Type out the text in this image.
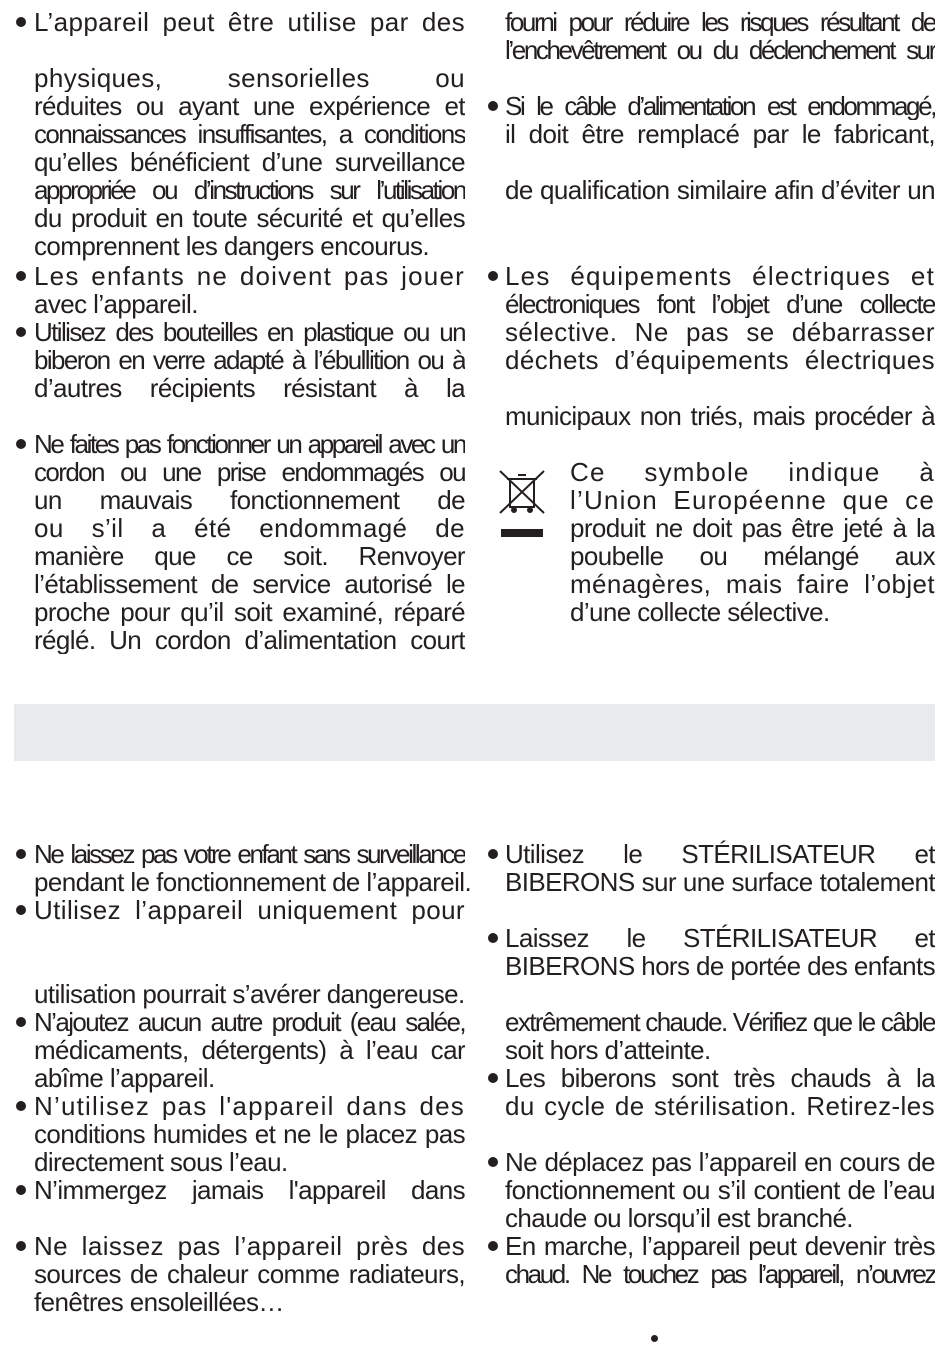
L’appareil peut être utilise par des

physiques, sensorielles ou

réduites ou ayant une expérience et

connaissances insuffisantes, a conditions

qu’elles bénéficient d’une surveillance

appropriée ou d’instructions sur l’utilisation

du produit en toute sécurité et qu’elles

comprennent les dangers encourus.

Les enfants ne doivent pas jouer

avec l’appareil.

Utilisez des bouteilles en plastique ou un

biberon en verre adapté à l’ébullition ou à

d’autres récipients résistant à la

Ne faites pas fonctionner un appareil avec un

cordon ou une prise endommagés ou

un mauvais fonctionnement de

ou s’il a été endommagé de

manière que ce soit. Renvoyer

l’établissement de service autorisé le

proche pour qu’il soit examiné, réparé

réglé. Un cordon d’alimentation court

fourni pour réduire les risques résultant de

l’enchevêtrement ou du déclenchement sur

Si le câble d’alimentation est endommagé,

il doit être remplacé par le fabricant,

de qualification similaire afin d’éviter un

Les équipements électriques et

électroniques font l’objet d’une collecte

sélective. Ne pas se débarrasser

déchets d’équipements électriques

municipaux non triés, mais procéder à

Ce symbole indique à

l’Union Européenne que ce

produit ne doit pas être jeté à la

poubelle ou mélangé aux

ménagères, mais faire l’objet

d’une collecte sélective.

Ne laissez pas votre enfant sans surveillance

pendant le fonctionnement de l’appareil.

Utilisez l’appareil uniquement pour

utilisation pourrait s’avérer dangereuse.

N’ajoutez aucun autre produit (eau salée,

médicaments, détergents) à l’eau car

abîme l’appareil.

N’utilisez pas l'appareil dans des

conditions humides et ne le placez pas

directement sous l’eau.

N’immergez jamais l'appareil dans

Ne laissez pas l’appareil près des

sources de chaleur comme radiateurs,

fenêtres ensoleillées…

Utilisez le STÉRILISATEUR et

BIBERONS sur une surface totalement

Laissez le STÉRILISATEUR et

BIBERONS hors de portée des enfants

extrêmement chaude. Vérifiez que le câble

soit hors d’atteinte.

Les biberons sont très chauds à la

du cycle de stérilisation. Retirez-les

Ne déplacez pas l’appareil en cours de

fonctionnement ou s’il contient de l’eau

chaude ou lorsqu’il est branché.

En marche, l’appareil peut devenir très

chaud. Ne touchez pas l’appareil, n’ouvrez
